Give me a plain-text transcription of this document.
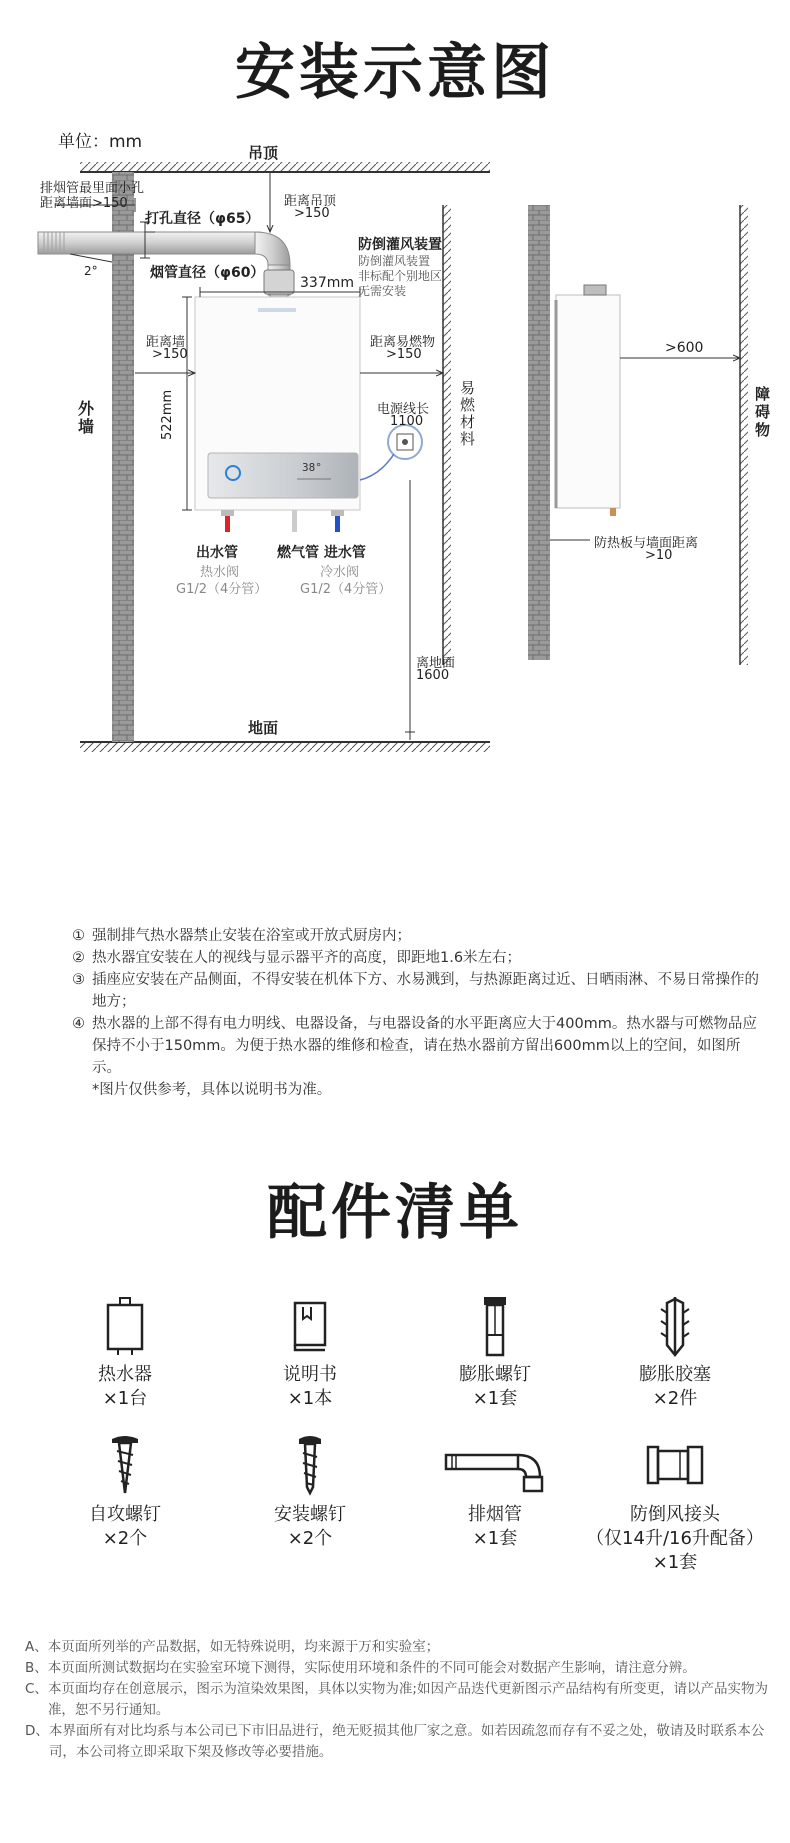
安装示意图
单位：mm
38°
吊顶
地面
外墙
易燃材料
障碍物
排烟管最里面小孔
距离墙面>150
打孔直径（φ65）
烟管直径（φ60）
2°
距离吊顶
>150
防倒灌风装置
防倒灌风装置
非标配个别地区
无需安装
337mm
距离墙
>150
距离易燃物
>150
电源线长
1100
522mm
出水管
热水阀
G1/2（4分管）
燃气管 进水管
冷水阀
G1/2（4分管）
离地面
1600
>600
防热板与墙面距离
>10
① 强制排气热水器禁止安装在浴室或开放式厨房内；
② 热水器宜安装在人的视线与显示器平齐的高度，即距地1.6米左右；
③ 插座应安装在产品侧面，不得安装在机体下方、水易溅到，与热源距离过近、日晒雨淋、不易日常操作的地方；
④ 热水器的上部不得有电力明线、电器设备，与电器设备的水平距离应大于400mm。热水器与可燃物品应保持不小于150mm。为便于热水器的维修和检查，请在热水器前方留出600mm以上的空间，如图所示。
*图片仅供参考，具体以说明书为准。
配件清单
热水器
×1台
说明书
×1本
膨胀螺钉
×1套
膨胀胶塞
×2件
自攻螺钉
×2个
安装螺钉
×2个
排烟管
×1套
防倒风接头
（仅14升/16升配备）
×1套
A、 本页面所列举的产品数据，如无特殊说明，均来源于万和实验室；
B、 本页面所测试数据均在实验室环境下测得，实际使用环境和条件的不同可能会对数据产生影响，请注意分辨。
C、 本页面均存在创意展示，图示为渲染效果图，具体以实物为准;如因产品迭代更新图示产品结构有所变更，请以产品实物为准，恕不另行通知。
D、 本界面所有对比均系与本公司已下市旧品进行，绝无贬损其他厂家之意。如若因疏忽而存有不妥之处，敬请及时联系本公司，本公司将立即采取下架及修改等必要措施。
